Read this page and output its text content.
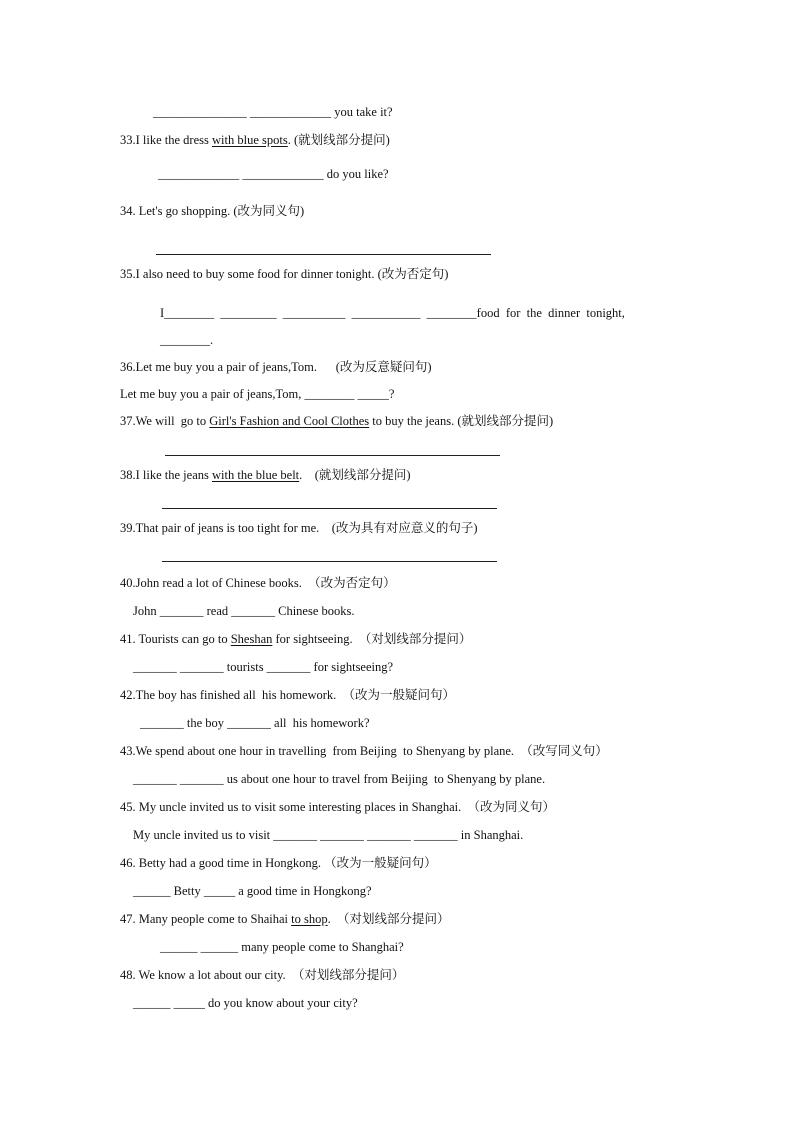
_______________ _____________ you take it?
33.I like the dress with blue spots. (就划线部分提问)
_____________ _____________ do you like?
34. Let's go shopping. (改为同义句)
35.I also need to buy some food for dinner tonight. (改为否定句)
I________  _________  __________  ___________  ________food  for  the  dinner  tonight,
________.
36.Let me buy you a pair of jeans,Tom.      (改为反意疑问句)
Let me buy you a pair of jeans,Tom, ________ _____?
37.We will  go to Girl's Fashion and Cool Clothes to buy the jeans. (就划线部分提问)
38.I like the jeans with the blue belt.    (就划线部分提问)
39.That pair of jeans is too tight for me.    (改为具有对应意义的句子)
40.John read a lot of Chinese books.  （改为否定句）
John _______ read _______ Chinese books.
41. Tourists can go to Sheshan for sightseeing.  （对划线部分提问）
_______ _______ tourists _______ for sightseeing?
42.The boy has finished all  his homework.  （改为一般疑问句）
_______ the boy _______ all  his homework?
43.We spend about one hour in travelling  from Beijing  to Shenyang by plane.  （改写同义句）
_______ _______ us about one hour to travel from Beijing  to Shenyang by plane.
45. My uncle invited us to visit some interesting places in Shanghai.  （改为同义句）
My uncle invited us to visit _______ _______ _______ _______ in Shanghai.
46. Betty had a good time in Hongkong. （改为一般疑问句）
______ Betty _____ a good time in Hongkong?
47. Many people come to Shaihai to shop.  （对划线部分提问）
______ ______ many people come to Shanghai?
48. We know a lot about our city.  （对划线部分提问）
______ _____ do you know about your city?
